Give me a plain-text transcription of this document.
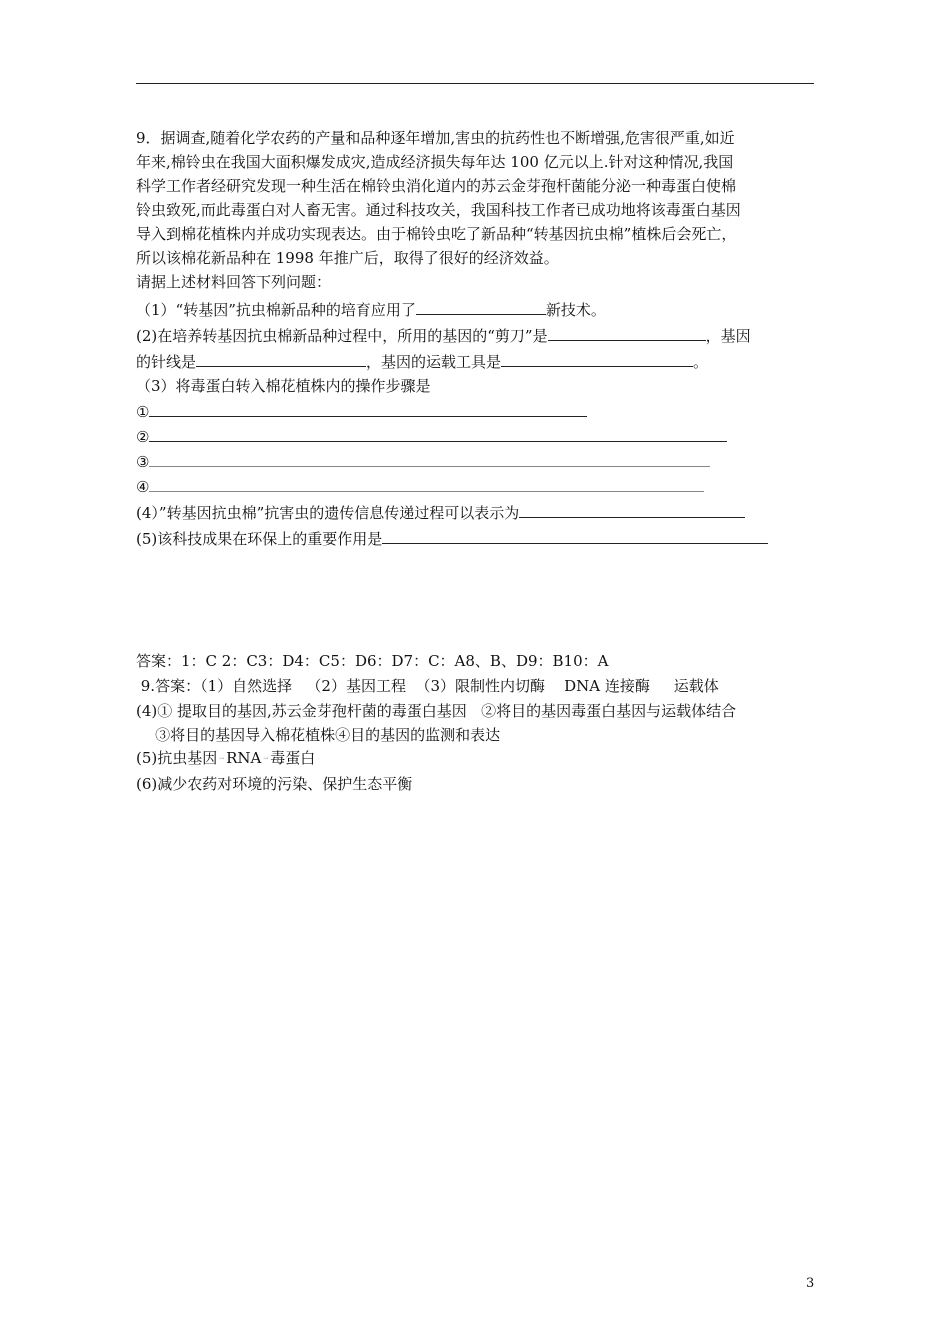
9．据调查,随着化学农药的产量和品种逐年增加,害虫的抗药性也不断增强,危害很严重,如近
年来,棉铃虫在我国大面积爆发成灾,造成经济损失每年达 100 亿元以上.针对这种情况,我国
科学工作者经研究发现一种生活在棉铃虫消化道内的苏云金芽孢杆菌能分泌一种毒蛋白使棉
铃虫致死,而此毒蛋白对人畜无害。通过科技攻关，我国科技工作者已成功地将该毒蛋白基因
导入到棉花植株内并成功实现表达。由于棉铃虫吃了新品种“转基因抗虫棉”植株后会死亡，
所以该棉花新品种在 1998 年推广后，取得了很好的经济效益。
请据上述材料回答下列问题：
（1）“转基因”抗虫棉新品种的培育应用了	新技术。
(2)在培养转基因抗虫棉新品种过程中，所用的基因的“剪刀”是	，基因
的针线是	，基因的运载工具是	。
（3）将毒蛋白转入棉花植株内的操作步骤是
①
②
③
④
(4）”转基因抗虫棉”抗害虫的遗传信息传递过程可以表示为
(5)该科技成果在环保上的重要作用是
答案：1：C 2：C3：D4：C5：D6：D7：C：A8、B、D9：B10：A
9.答案：（1）自然选择   （2）基因工程  （3）限制性内切酶    DNA 连接酶     运载体
(4)① 提取目的基因,苏云金芽孢杆菌的毒蛋白基因   ②将目的基因毒蛋白基因与运载体结合
③将目的基因导入棉花植株④目的基因的监测和表达
(5)抗虫基因 → RNA → 毒蛋白
(6)减少农药对环境的污染、保护生态平衡
3
